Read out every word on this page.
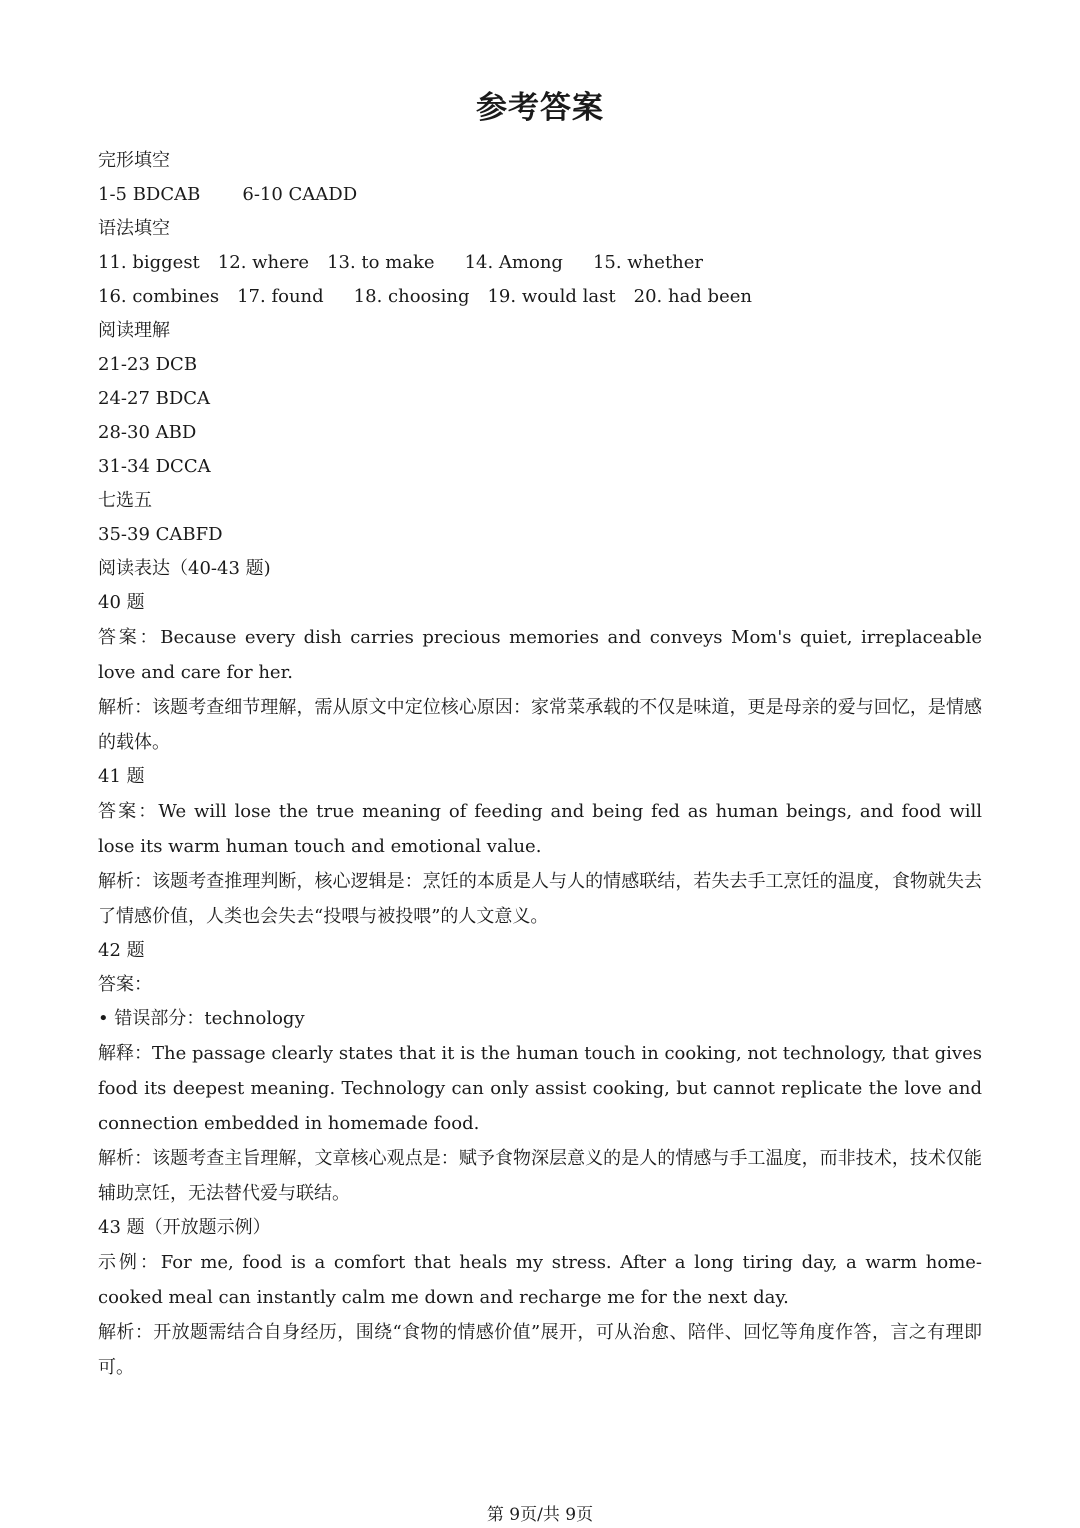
参考答案

完形填空

1-5 BDCAB 6-10 CAADD

语法填空

11. biggest 12. where 13. to make 14. Among 15. whether

16. combines 17. found 18. choosing 19. would last 20. had been

阅读理解

21-23 DCB

24-27 BDCA

28-30 ABD

31-34 DCCA

七选五

35-39 CABFD

阅读表达（40-43 题)

40 题

答案：Because every dish carries precious memories and conveys Mom's quiet, irreplaceable love and care for her.

解析：该题考查细节理解，需从原文中定位核心原因：家常菜承载的不仅是味道，更是母亲的爱与回忆，是情感的载体。

41 题

答案：We will lose the true meaning of feeding and being fed as human beings, and food will lose its warm human touch and emotional value.

解析：该题考查推理判断，核心逻辑是：烹饪的本质是人与人的情感联结，若失去手工烹饪的温度，食物就失去了情感价值，人类也会失去“投喂与被投喂”的人文意义。

42 题

答案：

• 错误部分：technology

解释：The passage clearly states that it is the human touch in cooking, not technology, that gives food its deepest meaning. Technology can only assist cooking, but cannot replicate the love and connection embedded in homemade food.

解析：该题考查主旨理解，文章核心观点是：赋予食物深层意义的是人的情感与手工温度，而非技术，技术仅能辅助烹饪，无法替代爱与联结。

43 题（开放题示例）

示例：For me, food is a comfort that heals my stress. After a long tiring day, a warm home-cooked meal can instantly calm me down and recharge me for the next day.

解析：开放题需结合自身经历，围绕“食物的情感价值”展开，可从治愈、陪伴、回忆等角度作答，言之有理即可。

第 9页/共 9页
